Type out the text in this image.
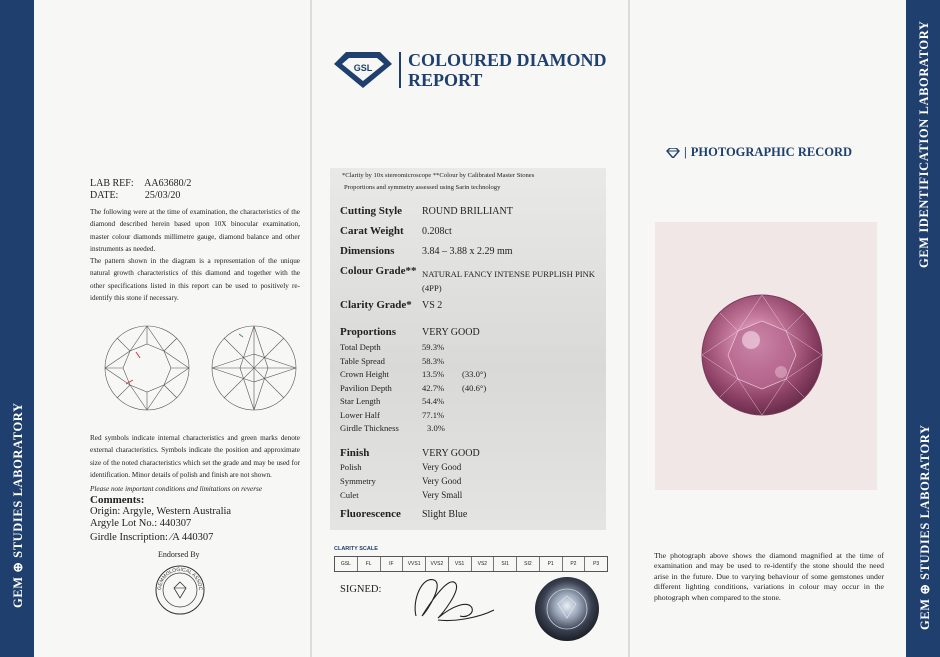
GEM ⊕ STUDIES LABORATORY
GEM IDENTIFICATION LABORATORY
GEM ⊕ STUDIES LABORATORY
LAB REF: AA63680/2
DATE:	25/03/20
The following were at the time of examination, the characteristics of the diamond described herein based upon 10X binocular examination, master colour diamonds millimetre gauge, diamond balance and other instruments as needed.
The pattern shown in the diagram is a representation of the unique natural growth characteristics of this diamond and together with the other specifications listed in this report can be used to positively re-identify this stone if necessary.
Red symbols indicate internal characteristics and green marks denote external characteristics. Symbols indicate the position and approximate size of the noted characteristics which set the grade and may be used for identification. Minor details of polish and finish are not shown.
Please note important conditions and limitations on reverse
Comments:
Origin: Argyle, Western Australia
Argyle Lot No.: 440307
Girdle Inscription: ⁄A 440307
Endorsed By
GEMMOLOGICAL ASSOC
GSL COLOURED DIAMOND
REPORT
*Clarity by 10x stereomicroscope **Colour by Calibrated Master Stones
Proportions and symmetry assessed using Sarin technology
Cutting Style ROUND BRILLIANT
Carat Weight 0.208ct
Dimensions	3.84 – 3.88 x 2.29 mm
Colour Grade** NATURAL FANCY INTENSE PURPLISH PINK (4PP)
Clarity Grade* VS 2
Proportions	VERY GOOD
Total Depth	59.3%
Table Spread	58.3%
Crown Height	13.5% (33.0°)
Pavilion Depth	42.7% (40.6°)
Star Length	54.4%
Lower Half	77.1%
Girdle Thickness	3.0%
Finish	VERY GOOD
Polish	Very Good
Symmetry	Very Good
Culet	Very Small
Fluorescence Slight Blue
CLARITY SCALE
GSL	FL	IF	VVS1	VVS2	VS1	VS2	SI1	SI2	P1	P2	P3
SIGNED:
| PHOTOGRAPHIC RECORD
The photograph above shows the diamond magnified at the time of examination and may be used to re-identify the stone should the need arise in the future. Due to varying behaviour of some gemstones under different lighting conditions, variations in colour may occur in the photograph when compared to the stone.
